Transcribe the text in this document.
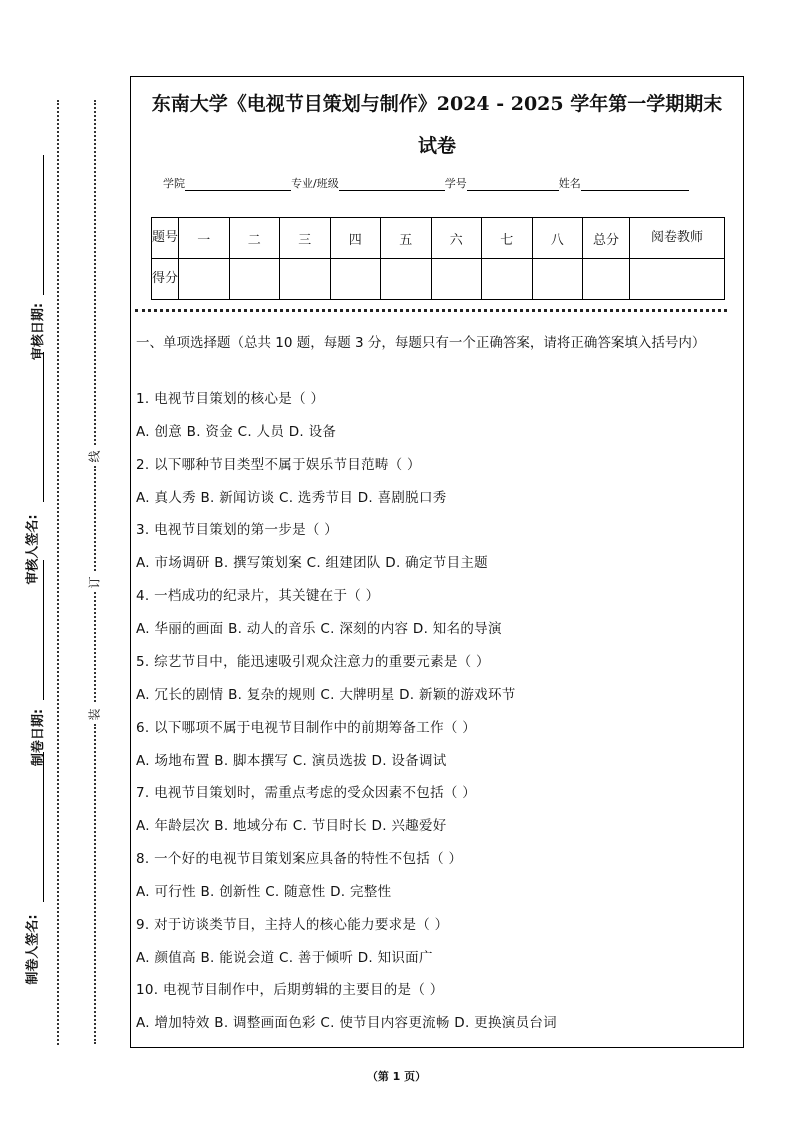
审核日期:
审核人签名:
制卷日期:
制卷人签名:
线
订
装
东南大学《电视节目策划与制作》2024 - 2025 学年第一学期期末
试卷
学院	专业/班级	学号	姓名
题号	一	二	三	四	五	六	七	八	总分	阅卷教师
得分										
一、单项选择题（总共 10 题，每题 3 分，每题只有一个正确答案，请将正确答案填入括号内）
1. 电视节目策划的核心是（ ）
A. 创意 B. 资金 C. 人员 D. 设备
2. 以下哪种节目类型不属于娱乐节目范畴（ ）
A. 真人秀 B. 新闻访谈 C. 选秀节目 D. 喜剧脱口秀
3. 电视节目策划的第一步是（ ）
A. 市场调研 B. 撰写策划案 C. 组建团队 D. 确定节目主题
4. 一档成功的纪录片，其关键在于（ ）
A. 华丽的画面 B. 动人的音乐 C. 深刻的内容 D. 知名的导演
5. 综艺节目中，能迅速吸引观众注意力的重要元素是（ ）
A. 冗长的剧情 B. 复杂的规则 C. 大牌明星 D. 新颖的游戏环节
6. 以下哪项不属于电视节目制作中的前期筹备工作（ ）
A. 场地布置 B. 脚本撰写 C. 演员选拔 D. 设备调试
7. 电视节目策划时，需重点考虑的受众因素不包括（ ）
A. 年龄层次 B. 地域分布 C. 节目时长 D. 兴趣爱好
8. 一个好的电视节目策划案应具备的特性不包括（ ）
A. 可行性 B. 创新性 C. 随意性 D. 完整性
9. 对于访谈类节目，主持人的核心能力要求是（ ）
A. 颜值高 B. 能说会道 C. 善于倾听 D. 知识面广
10. 电视节目制作中，后期剪辑的主要目的是（ ）
A. 增加特效 B. 调整画面色彩 C. 使节目内容更流畅 D. 更换演员台词
（第 1 页）
